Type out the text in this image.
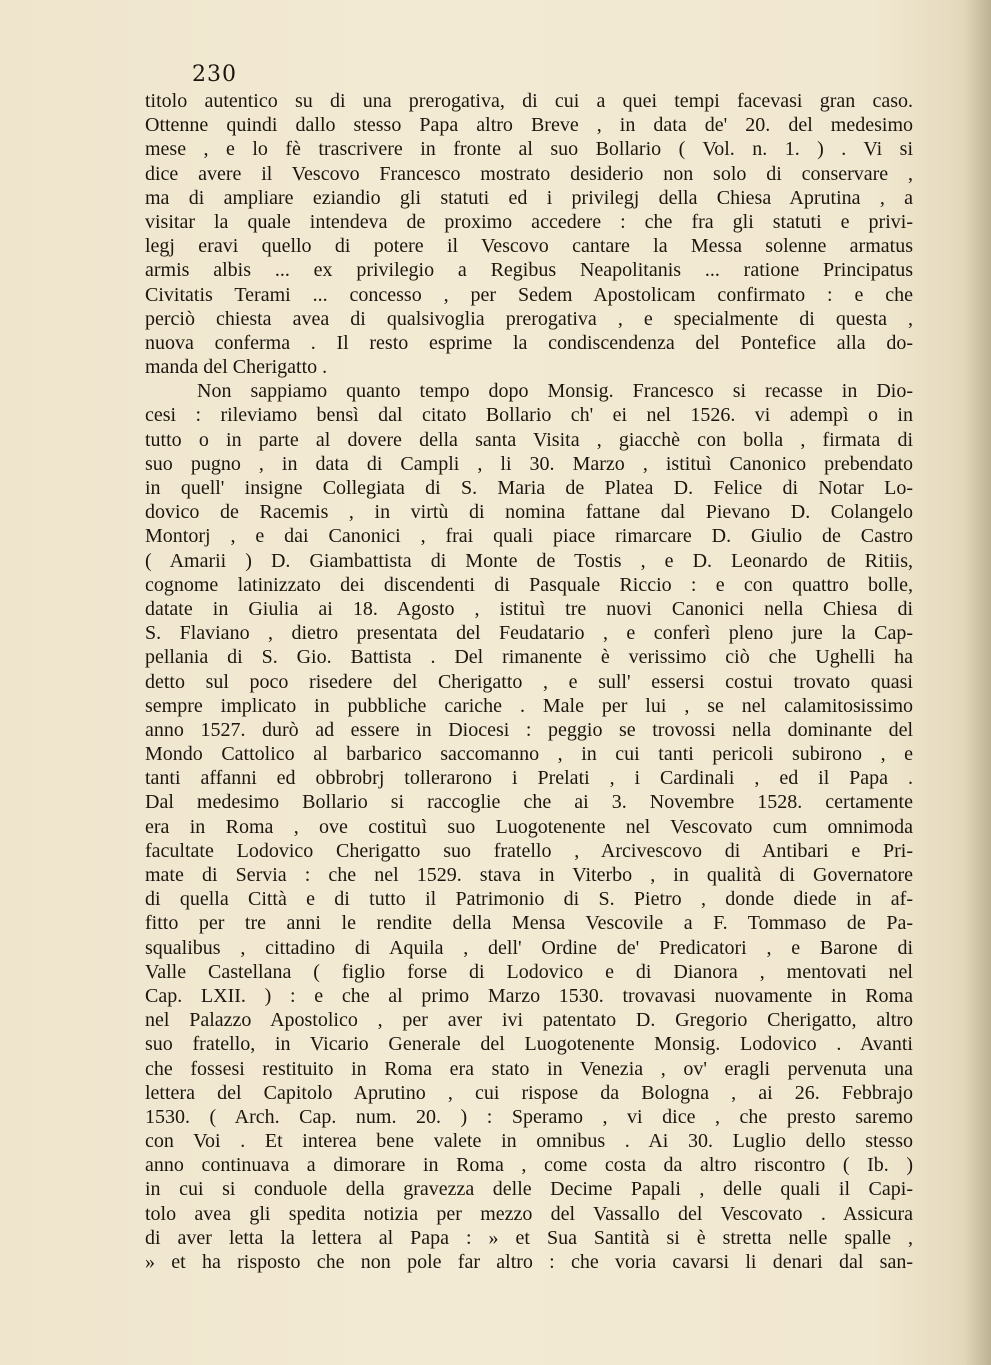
230
titolo autentico su di una prerogativa, di cui a quei tempi facevasi gran caso.
Ottenne quindi dallo stesso Papa altro Breve , in data de' 20. del medesimo
mese , e lo fè trascrivere in fronte al suo Bollario ( Vol. n. 1. ) . Vi si
dice avere il Vescovo Francesco mostrato desiderio non solo di conservare ,
ma di ampliare eziandio gli statuti ed i privilegj della Chiesa Aprutina , a
visitar la quale intendeva de proximo accedere : che fra gli statuti e privi-
legj eravi quello di potere il Vescovo cantare la Messa solenne armatus
armis albis ... ex privilegio a Regibus Neapolitanis ... ratione Principatus
Civitatis Terami ... concesso , per Sedem Apostolicam confirmato : e che
perciò chiesta avea di qualsivoglia prerogativa , e specialmente di questa ,
nuova conferma . Il resto esprime la condiscendenza del Pontefice alla do-
manda del Cherigatto .
Non sappiamo quanto tempo dopo Monsig. Francesco si recasse in Dio-
cesi : rileviamo bensì dal citato Bollario ch' ei nel 1526. vi adempì o in
tutto o in parte al dovere della santa Visita , giacchè con bolla , firmata di
suo pugno , in data di Campli , li 30. Marzo , istituì Canonico prebendato
in quell' insigne Collegiata di S. Maria de Platea D. Felice di Notar Lo-
dovico de Racemis , in virtù di nomina fattane dal Pievano D. Colangelo
Montorj , e dai Canonici , frai quali piace rimarcare D. Giulio de Castro
( Amarii ) D. Giambattista di Monte de Tostis , e D. Leonardo de Ritiis,
cognome latinizzato dei discendenti di Pasquale Riccio : e con quattro bolle,
datate in Giulia ai 18. Agosto , istituì tre nuovi Canonici nella Chiesa di
S. Flaviano , dietro presentata del Feudatario , e conferì pleno jure la Cap-
pellania di S. Gio. Battista . Del rimanente è verissimo ciò che Ughelli ha
detto sul poco risedere del Cherigatto , e sull' essersi costui trovato quasi
sempre implicato in pubbliche cariche . Male per lui , se nel calamitosissimo
anno 1527. durò ad essere in Diocesi : peggio se trovossi nella dominante del
Mondo Cattolico al barbarico saccomanno , in cui tanti pericoli subirono , e
tanti affanni ed obbrobrj tollerarono i Prelati , i Cardinali , ed il Papa .
Dal medesimo Bollario si raccoglie che ai 3. Novembre 1528. certamente
era in Roma , ove costituì suo Luogotenente nel Vescovato cum omnimoda
facultate Lodovico Cherigatto suo fratello , Arcivescovo di Antibari e Pri-
mate di Servia : che nel 1529. stava in Viterbo , in qualità di Governatore
di quella Città e di tutto il Patrimonio di S. Pietro , donde diede in af-
fitto per tre anni le rendite della Mensa Vescovile a F. Tommaso de Pa-
squalibus , cittadino di Aquila , dell' Ordine de' Predicatori , e Barone di
Valle Castellana ( figlio forse di Lodovico e di Dianora , mentovati nel
Cap. LXII. ) : e che al primo Marzo 1530. trovavasi nuovamente in Roma
nel Palazzo Apostolico , per aver ivi patentato D. Gregorio Cherigatto, altro
suo fratello, in Vicario Generale del Luogotenente Monsig. Lodovico . Avanti
che fossesi restituito in Roma era stato in Venezia , ov' eragli pervenuta una
lettera del Capitolo Aprutino , cui rispose da Bologna , ai 26. Febbrajo
1530. ( Arch. Cap. num. 20. ) : Speramo , vi dice , che presto saremo
con Voi . Et interea bene valete in omnibus . Ai 30. Luglio dello stesso
anno continuava a dimorare in Roma , come costa da altro riscontro ( Ib. )
in cui si conduole della gravezza delle Decime Papali , delle quali il Capi-
tolo avea gli spedita notizia per mezzo del Vassallo del Vescovato . Assicura
di aver letta la lettera al Papa : » et Sua Santità si è stretta nelle spalle ,
» et ha risposto che non pole far altro : che voria cavarsi li denari dal san-
